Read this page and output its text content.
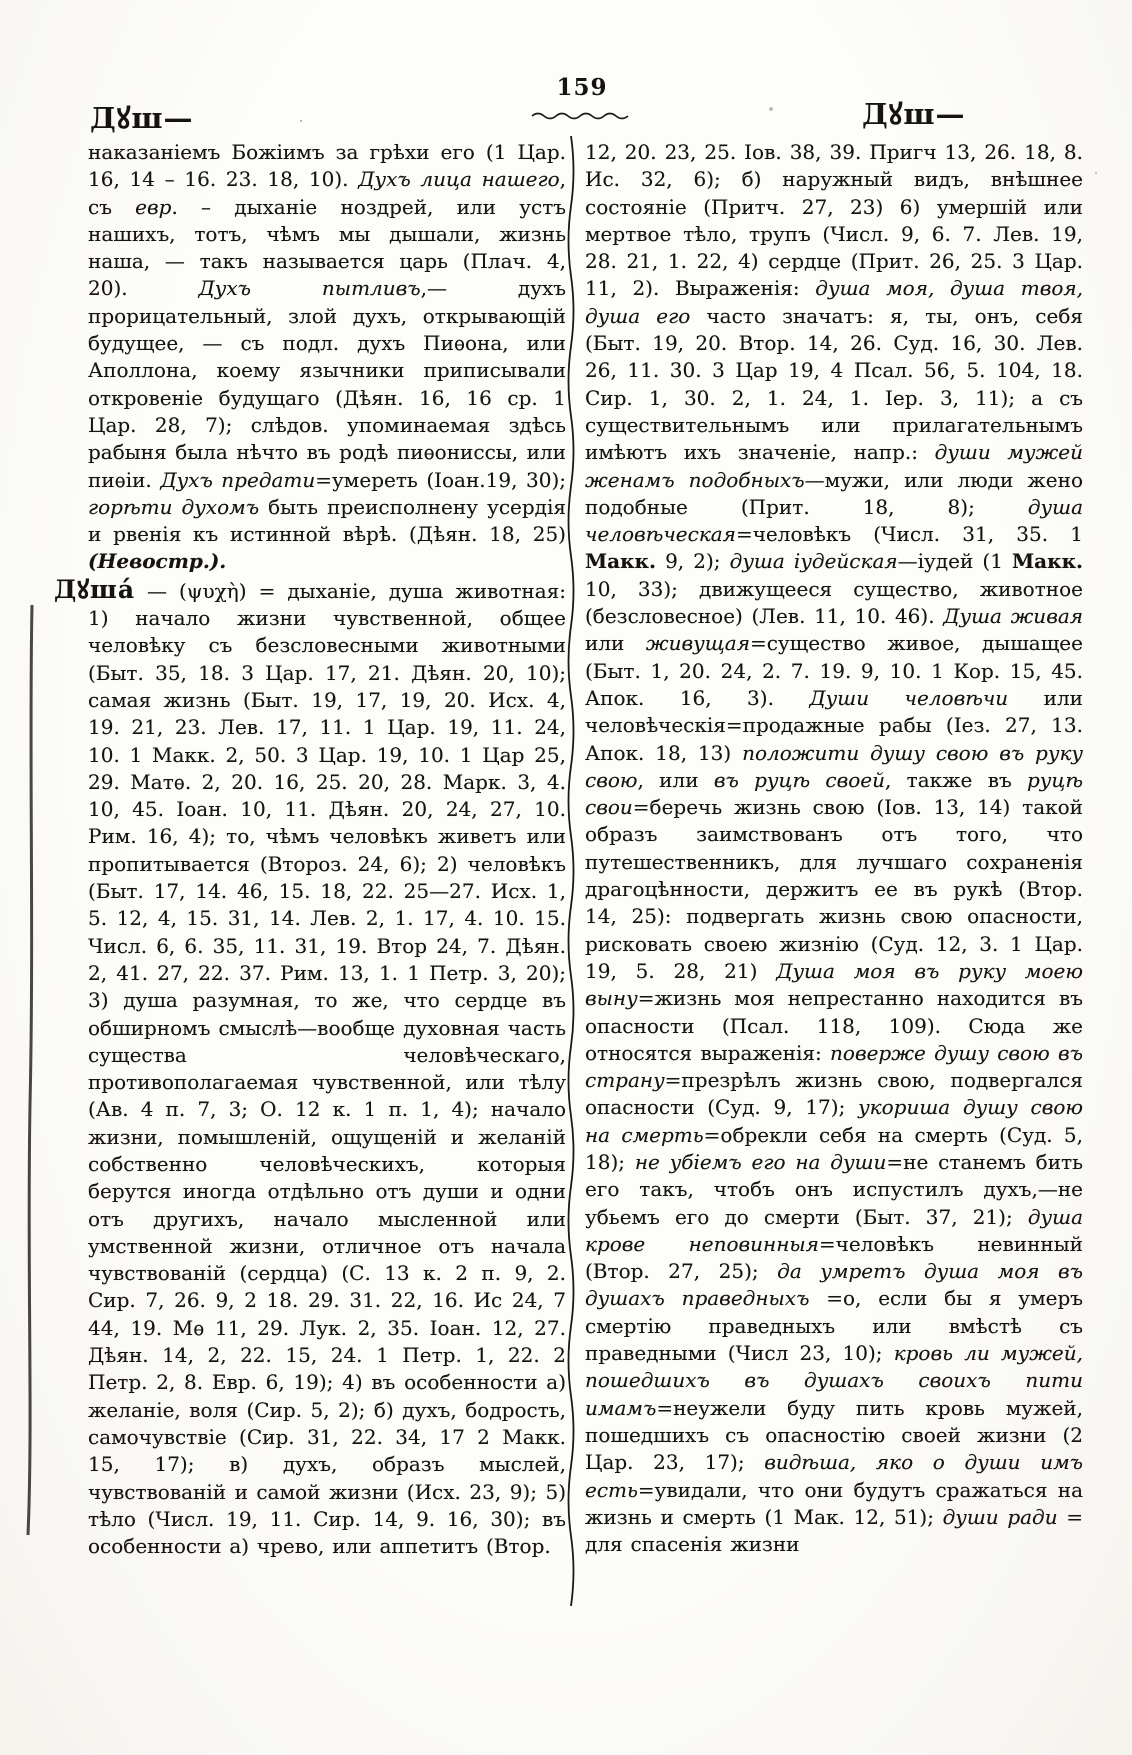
159
Дꙋш—	Дꙋш—

наказаніемъ Божіимъ за грѣхи его (1 Цар. 16, 14 – 16. 23. 18, 10). Духъ лица нашего, съ евр. – дыханіе ноздрей, или устъ нашихъ, тотъ, чѣмъ мы дышали, жизнь наша, — такъ называется царь (Плач. 4, 20). Духъ пытливъ,— духъ прорицательный, злой духъ, открывающій будущее, — съ подл. духъ Пиѳона, или Аполлона, коему язычники приписывали откровеніе будущаго (Дѣян. 16, 16 ср. 1 Цар. 28, 7); слѣдов. упоминаемая здѣсь рабыня была нѣчто въ родѣ пиѳониссы, или пиѳіи. Духъ предати=умереть (Іоан.19, 30); горѣти духомъ быть преисполнену усердія и рвенія къ истинной вѣрѣ. (Дѣян. 18, 25) (Невостр.).

Дꙋша́ — (ψυχὴ) = дыханіе, душа животная: 1) начало жизни чувственной, общее человѣку съ безсловесными животными (Быт. 35, 18. 3 Цар. 17, 21. Дѣян. 20, 10); самая жизнь (Быт. 19, 17, 19, 20. Исх. 4, 19. 21, 23. Лев. 17, 11. 1 Цар. 19, 11. 24, 10. 1 Макк. 2, 50. 3 Цар. 19, 10. 1 Цар 25, 29. Матѳ. 2, 20. 16, 25. 20, 28. Марк. 3, 4. 10, 45. Іоан. 10, 11. Дѣян. 20, 24, 27, 10. Рим. 16, 4); то, чѣмъ человѣкъ живетъ или пропитывается (Второз. 24, 6); 2) человѣкъ (Быт. 17, 14. 46, 15. 18, 22. 25—27. Исх. 1, 5. 12, 4, 15. 31, 14. Лев. 2, 1. 17, 4. 10. 15. Числ. 6, 6. 35, 11. 31, 19. Втор 24, 7. Дѣян. 2, 41. 27, 22. 37. Рим. 13, 1. 1 Петр. 3, 20); 3) душа разумная, то же, что сердце въ обширномъ смыслѣ—вообще духовная часть существа человѣческаго, противополагаемая чувственной, или тѣлу (Ав. 4 п. 7, 3; О. 12 к. 1 п. 1, 4); начало жизни, помышленій, ощущеній и желаній собственно человѣческихъ, которыя берутся иногда отдѣльно отъ души и одни отъ другихъ, начало мысленной или умственной жизни, отличное отъ начала чувствованій (сердца) (С. 13 к. 2 п. 9, 2. Сир. 7, 26. 9, 2 18. 29. 31. 22, 16. Ис 24, 7 44, 19. Мѳ 11, 29. Лук. 2, 35. Іоан. 12, 27. Дѣян. 14, 2, 22. 15, 24. 1 Петр. 1, 22. 2 Петр. 2, 8. Евр. 6, 19); 4) въ особенности а) желаніе, воля (Сир. 5, 2); б) духъ, бодрость, самочувствіе (Сир. 31, 22. 34, 17 2 Макк. 15, 17); в) духъ, образъ мыслей, чувствованій и самой жизни (Исх. 23, 9); 5) тѣло (Числ. 19, 11. Сир. 14, 9. 16, 30); въ особенности а) чрево, или аппетитъ (Втор.

12, 20. 23, 25. Іов. 38, 39. Пригч 13, 26. 18, 8. Ис. 32, 6); б) наружный видъ, внѣшнее состояніе (Притч. 27, 23) 6) умершій или мертвое тѣло, трупъ (Числ. 9, 6. 7. Лев. 19, 28. 21, 1. 22, 4) сердце (Прит. 26, 25. 3 Цар. 11, 2). Выраженія: душа моя, душа твоя, душа его часто значатъ: я, ты, онъ, себя (Быт. 19, 20. Втор. 14, 26. Суд. 16, 30. Лев. 26, 11. 30. 3 Цар 19, 4 Псал. 56, 5. 104, 18. Сир. 1, 30. 2, 1. 24, 1. Іер. 3, 11); а съ существительнымъ или прилагательнымъ имѣютъ ихъ значеніе, напр.: души мужей женамъ подобныхъ—мужи, или люди жено подобные (Прит. 18, 8); душа человѣческая=человѣкъ (Числ. 31, 35. 1 Макк. 9, 2); душа іудейская—іудей (1 Макк. 10, 33); движущееся существо, животное (безсловесное) (Лев. 11, 10. 46). Душа живая или живущая=существо живое, дышащее (Быт. 1, 20. 24, 2. 7. 19. 9, 10. 1 Кор. 15, 45. Апок. 16, 3). Души человѣчи или человѣческія=продажные рабы (Іез. 27, 13. Апок. 18, 13) положити душу свою въ руку свою, или въ руцѣ своей, также въ руцѣ свои=беречь жизнь свою (Іов. 13, 14) такой образъ заимствованъ отъ того, что путешественникъ, для лучшаго сохраненія драгоцѣнности, держитъ ее въ рукѣ (Втор. 14, 25): подвергать жизнь свою опасности, рисковать своею жизнію (Суд. 12, 3. 1 Цар. 19, 5. 28, 21) Душа моя въ руку моею выну=жизнь моя непрестанно находится въ опасности (Псал. 118, 109). Сюда же относятся выраженія: поверже душу свою въ страну=презрѣлъ жизнь свою, подвергался опасности (Суд. 9, 17); укориша душу свою на смерть=обрекли себя на смерть (Суд. 5, 18); не убіемъ его на души=не станемъ бить его такъ, чтобъ онъ испустилъ духъ,—не убьемъ его до смерти (Быт. 37, 21); душа крове неповинныя=человѣкъ невинный (Втор. 27, 25); да умретъ душа моя въ душахъ праведныхъ =о, если бы я умеръ смертію праведныхъ или вмѣстѣ съ праведными (Числ 23, 10); кровь ли мужей, пошедшихъ въ душахъ своихъ пити имамъ=неужели буду пить кровь мужей, пошедшихъ съ опасностію своей жизни (2 Цар. 23, 17); видѣша, яко о души имъ есть=увидали, что они будутъ сражаться на жизнь и смерть (1 Мак. 12, 51); души ради = для спасенія жизни
